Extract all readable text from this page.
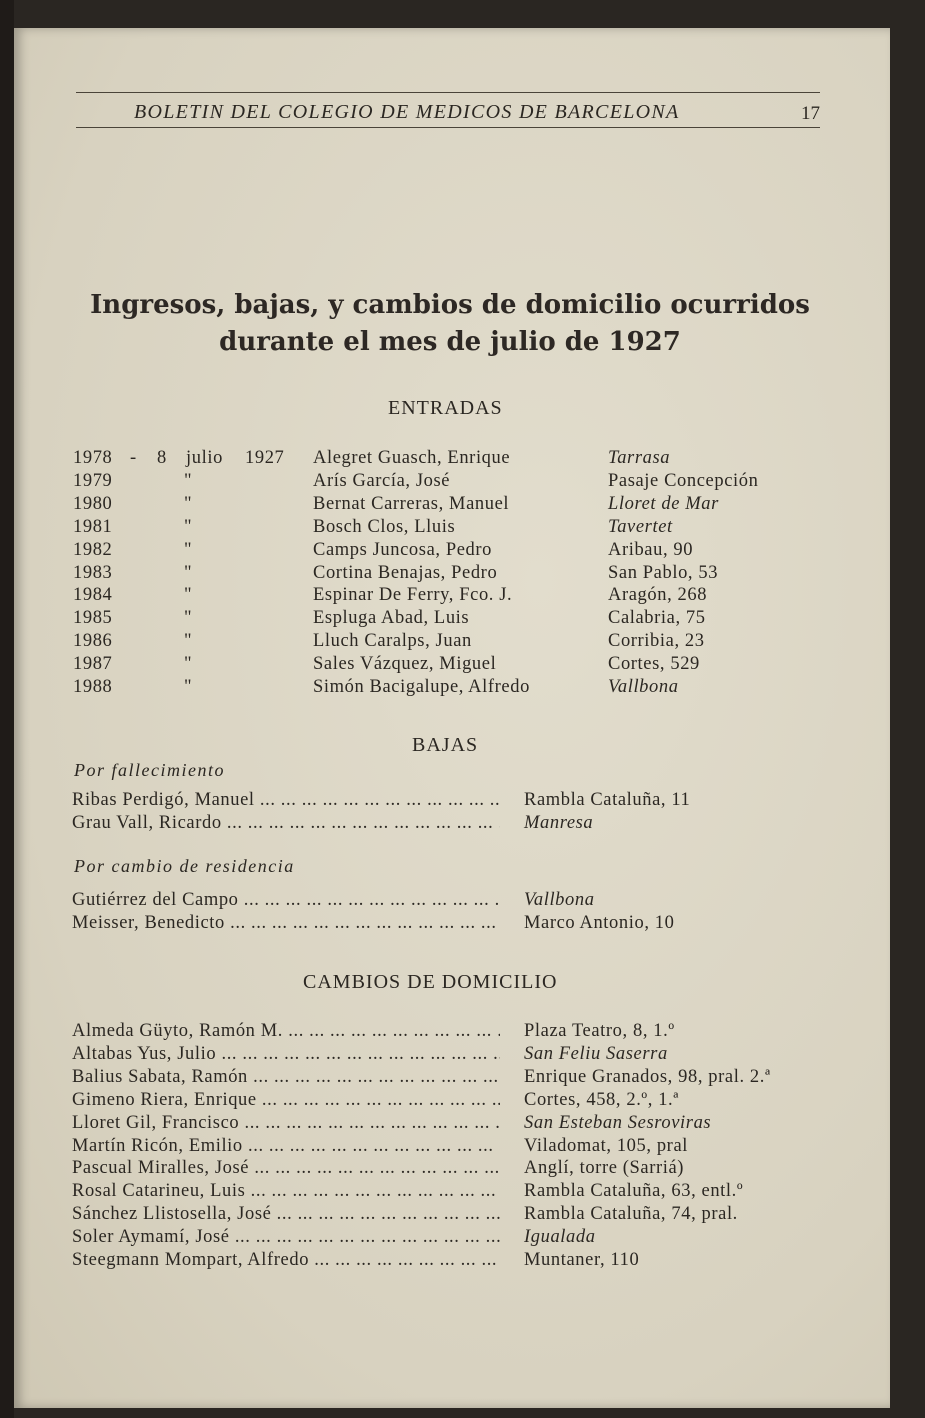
BOLETIN DEL COLEGIO DE MEDICOS DE BARCELONA	17
Ingresos, bajas, y cambios de domicilio ocurridos
durante el mes de julio de 1927
ENTRADAS
1978 - 8 julio 1927 Alegret Guasch, Enrique	Tarrasa
1979	"	Arís García, José	Pasaje Concepción
1980	"	Bernat Carreras, Manuel	Lloret de Mar
1981	"	Bosch Clos, Lluis	Tavertet
1982	"	Camps Juncosa, Pedro	Aribau, 90
1983	"	Cortina Benajas, Pedro	San Pablo, 53
1984	"	Espinar De Ferry, Fco. J.	Aragón, 268
1985	"	Espluga Abad, Luis	Calabria, 75
1986	"	Lluch Caralps, Juan	Corribia, 23
1987	"	Sales Vázquez, Miguel	Cortes, 529
1988	"	Simón Bacigalupe, Alfredo	Vallbona
BAJAS
Por fallecimiento
Ribas Perdigó, Manuel ... .	Rambla Cataluña, 11
Grau Vall, Ricardo ... .	Manresa
Por cambio de residencia
Gutiérrez del Campo ... .	Vallbona
Meisser, Benedicto ... .	Marco Antonio, 10
CAMBIOS DE DOMICILIO
Almeda Güyto, Ramón M. ... .	Plaza Teatro, 8, 1.º
Altabas Yus, Julio ... .	San Feliu Saserra
Balius Sabata, Ramón ... .	Enrique Granados, 98, pral. 2.ª
Gimeno Riera, Enrique ... .	Cortes, 458, 2.º, 1.ª
Lloret Gil, Francisco ... .	San Esteban Sesroviras
Martín Ricón, Emilio ... .	Viladomat, 105, pral
Pascual Miralles, José ... .	Anglí, torre (Sarriá)
Rosal Catarineu, Luis ... .	Rambla Cataluña, 63, entl.º
Sánchez Llistosella, José ... .	Rambla Cataluña, 74, pral.
Soler Aymamí, José ... .	Igualada
Steegmann Mompart, Alfredo ... .	Muntaner, 110
